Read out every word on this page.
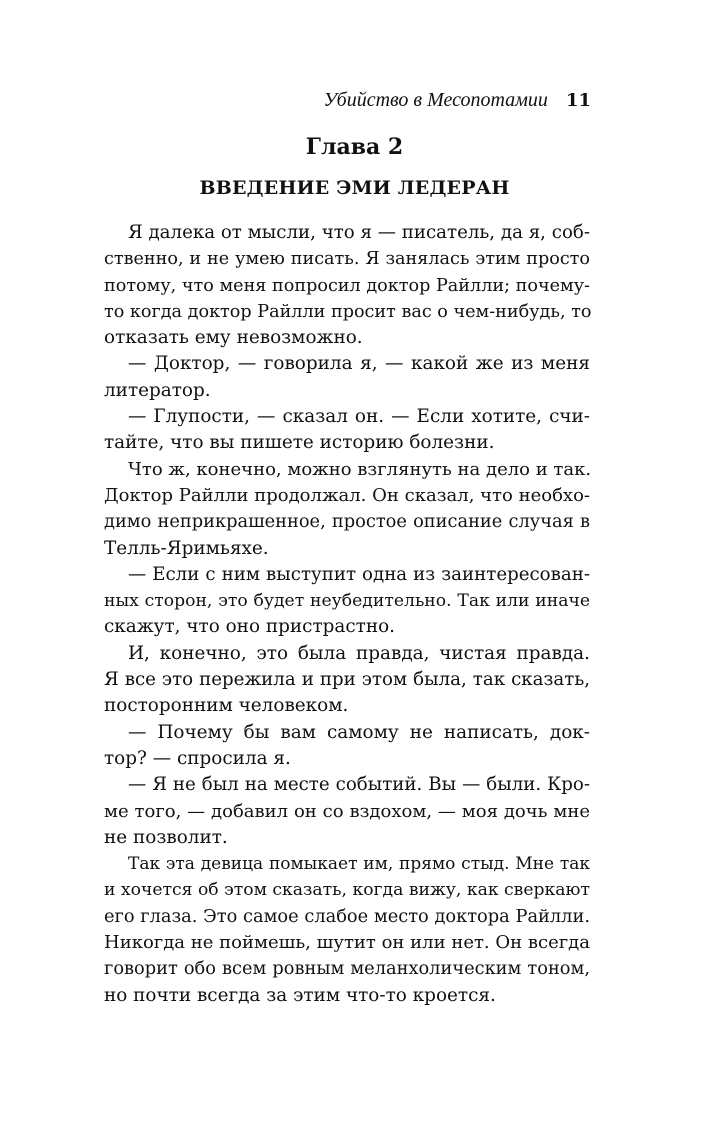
Убийство в Месопотамии 11
Глава 2
ВВЕДЕНИЕ ЭМИ ЛЕДЕРАН
Я далека от мысли, что я — писатель, да я, соб-
ственно, и не умею писать. Я занялась этим просто
потому, что меня попросил доктор Райлли; почему-
то когда доктор Райлли просит вас о чем-нибудь, то
отказать ему невозможно.
— Доктор, — говорила я, — какой же из меня
литератор.
— Глупости, — сказал он. — Если хотите, счи-
тайте, что вы пишете историю болезни.
Что ж, конечно, можно взглянуть на дело и так.
Доктор Райлли продолжал. Он сказал, что необхо-
димо неприкрашенное, простое описание случая в
Телль-Яримьяхе.
— Если с ним выступит одна из заинтересован-
ных сторон, это будет неубедительно. Так или иначе
скажут, что оно пристрастно.
И, конечно, это была правда, чистая правда.
Я все это пережила и при этом была, так сказать,
посторонним человеком.
— Почему бы вам самому не написать, док-
тор? — спросила я.
— Я не был на месте событий. Вы — были. Кро-
ме того, — добавил он со вздохом, — моя дочь мне
не позволит.
Так эта девица помыкает им, прямо стыд. Мне так
и хочется об этом сказать, когда вижу, как сверкают
его глаза. Это самое слабое место доктора Райлли.
Никогда не поймешь, шутит он или нет. Он всегда
говорит обо всем ровным меланхолическим тоном,
но почти всегда за этим что-то кроется.
